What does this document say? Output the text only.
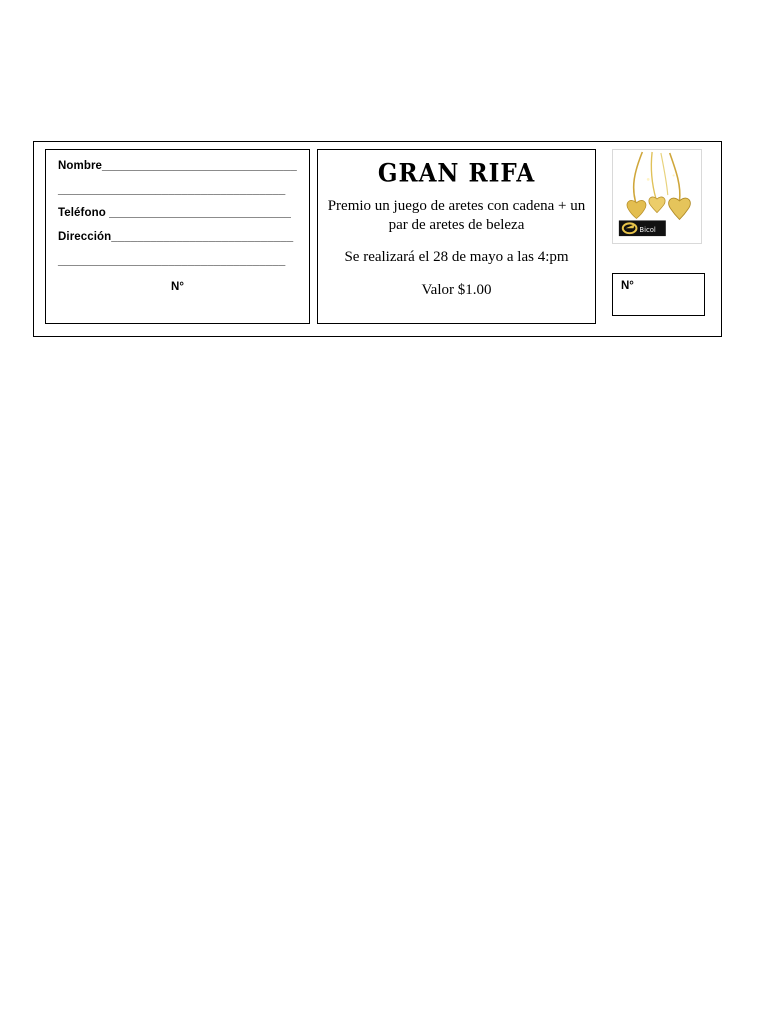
Nombre______________________________
___________________________________
Teléfono ____________________________
Dirección____________________________
___________________________________
N°
GRAN RIFA
Premio un juego de aretes con cadena + un par de aretes de beleza
Se realizará el 28 de mayo a las 4:pm
Valor $1.00
Bicol
N°
